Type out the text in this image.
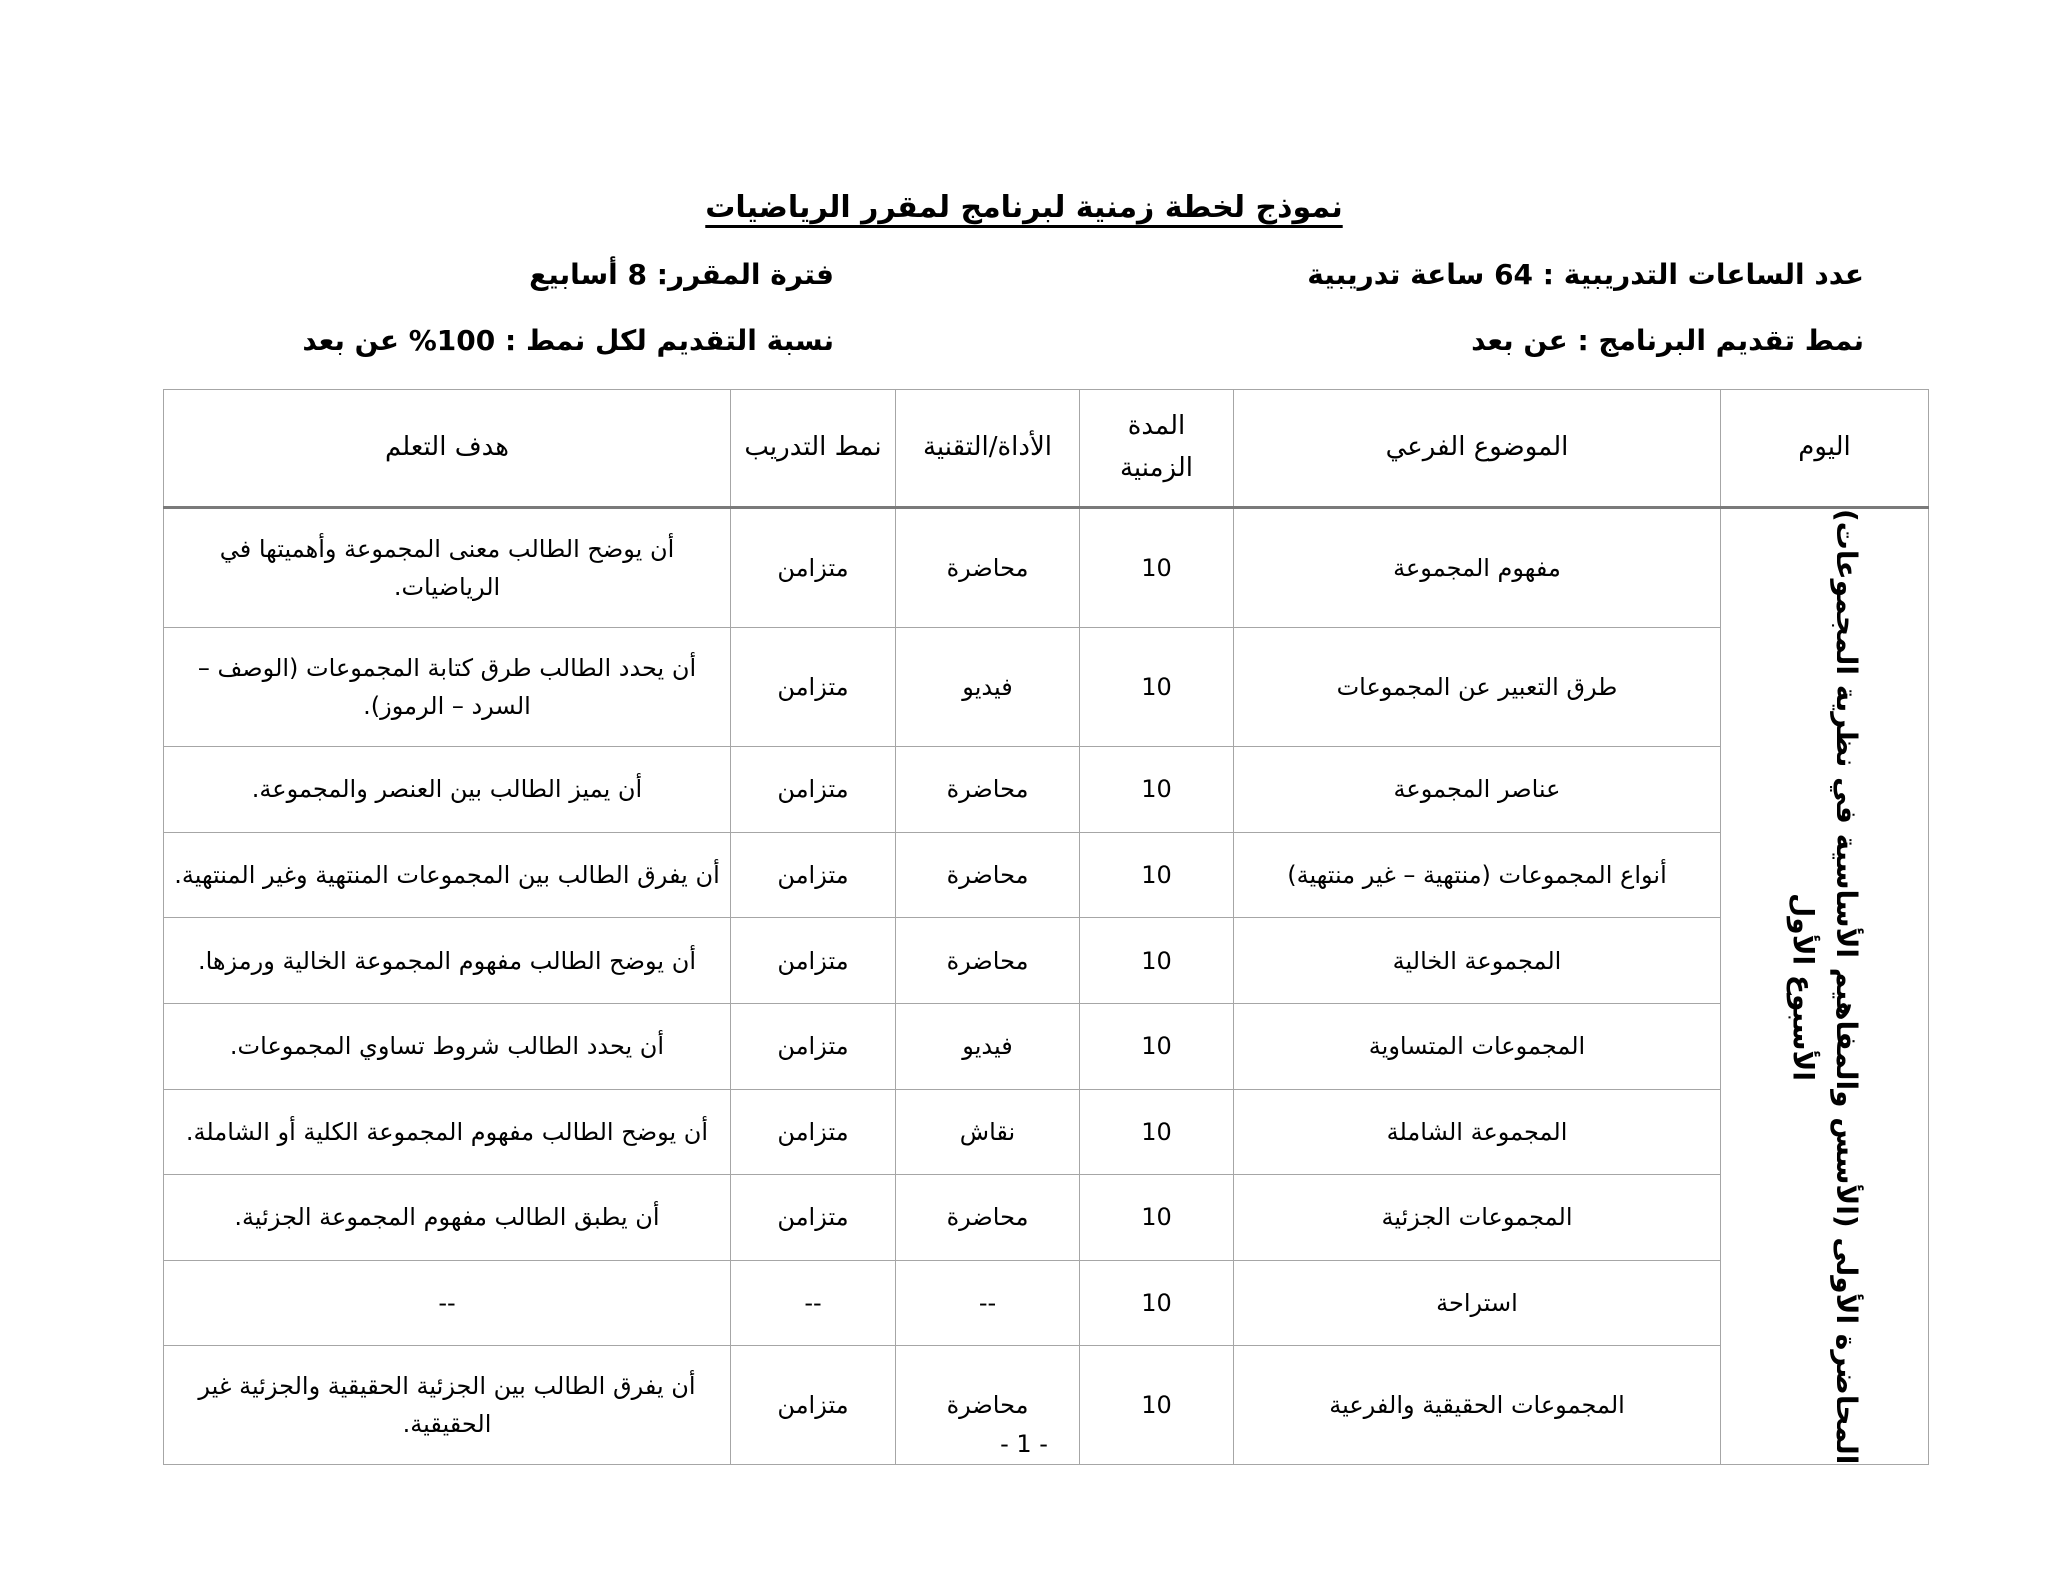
نموذج لخطة زمنية لبرنامج لمقرر الرياضيات
عدد الساعات التدريبية : 64 ساعة تدريبية
فترة المقرر: 8 أسابيع
نمط تقديم البرنامج : عن بعد
نسبة التقديم لكل نمط : 100% عن بعد
اليوم	الموضوع الفرعي	المدة الزمنية	الأداة/التقنية	نمط التدريب	هدف التعلم

المحاضرة الأولى (الأسس والمفاهيم الأساسية في نظرية المجموعات)
الأسبوع الأول	مفهوم المجموعة	10	محاضرة	متزامن	أن يوضح الطالب معنى المجموعة وأهميتها في الرياضيات.
	طرق التعبير عن المجموعات	10	فيديو	متزامن	أن يحدد الطالب طرق كتابة المجموعات (الوصف – السرد – الرموز).
	عناصر المجموعة	10	محاضرة	متزامن	أن يميز الطالب بين العنصر والمجموعة.
	أنواع المجموعات (منتهية – غير منتهية)	10	محاضرة	متزامن	أن يفرق الطالب بين المجموعات المنتهية وغير المنتهية.
	المجموعة الخالية	10	محاضرة	متزامن	أن يوضح الطالب مفهوم المجموعة الخالية ورمزها.
	المجموعات المتساوية	10	فيديو	متزامن	أن يحدد الطالب شروط تساوي المجموعات.
	المجموعة الشاملة	10	نقاش	متزامن	أن يوضح الطالب مفهوم المجموعة الكلية أو الشاملة.
	المجموعات الجزئية	10	محاضرة	متزامن	أن يطبق الطالب مفهوم المجموعة الجزئية.
	استراحة	10	--	--	--
	المجموعات الحقيقية والفرعية	10	محاضرة	متزامن	أن يفرق الطالب بين الجزئية الحقيقية والجزئية غير الحقيقية.
- 1 -
